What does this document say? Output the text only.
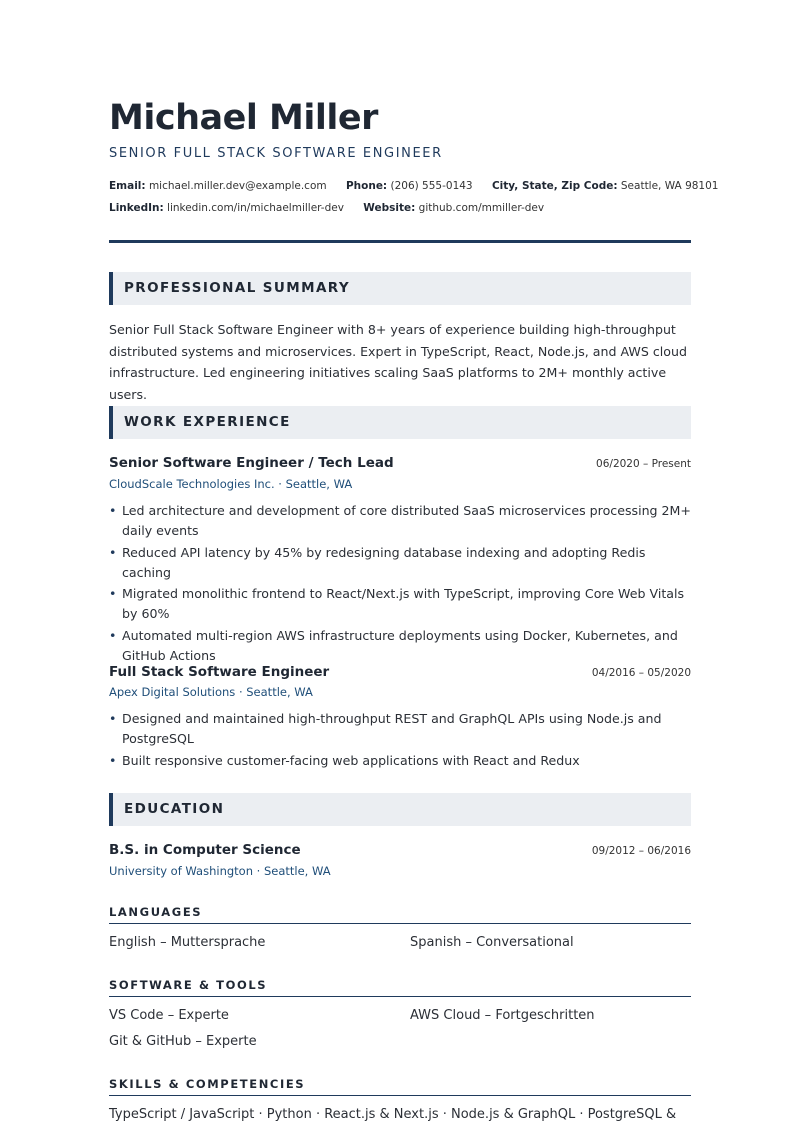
Michael Miller
SENIOR FULL STACK SOFTWARE ENGINEER
Email: michael.miller.dev@example.com Phone: (206) 555-0143 City, State, Zip Code: Seattle, WA 98101
LinkedIn: linkedin.com/in/michaelmiller-dev Website: github.com/mmiller-dev
PROFESSIONAL SUMMARY
Senior Full Stack Software Engineer with 8+ years of experience building high-throughput
distributed systems and microservices. Expert in TypeScript, React, Node.js, and AWS cloud
infrastructure. Led engineering initiatives scaling SaaS platforms to 2M+ monthly active users.
WORK EXPERIENCE
Senior Software Engineer / Tech Lead	06/2020 – Present
CloudScale Technologies Inc. · Seattle, WA
• Led architecture and development of core distributed SaaS microservices processing 2M+ daily events
• Reduced API latency by 45% by redesigning database indexing and adopting Redis caching
• Migrated monolithic frontend to React/Next.js with TypeScript, improving Core Web Vitals by 60%
• Automated multi-region AWS infrastructure deployments using Docker, Kubernetes, and GitHub Actions
Full Stack Software Engineer	04/2016 – 05/2020
Apex Digital Solutions · Seattle, WA
• Designed and maintained high-throughput REST and GraphQL APIs using Node.js and PostgreSQL
• Built responsive customer-facing web applications with React and Redux
EDUCATION
B.S. in Computer Science	09/2012 – 06/2016
University of Washington · Seattle, WA
LANGUAGES
English – Muttersprache	Spanish – Conversational
SOFTWARE & TOOLS
VS Code – Experte	AWS Cloud – Fortgeschritten
Git & GitHub – Experte
SKILLS & COMPETENCIES
TypeScript / JavaScript · Python · React.js & Next.js · Node.js & GraphQL · PostgreSQL &
